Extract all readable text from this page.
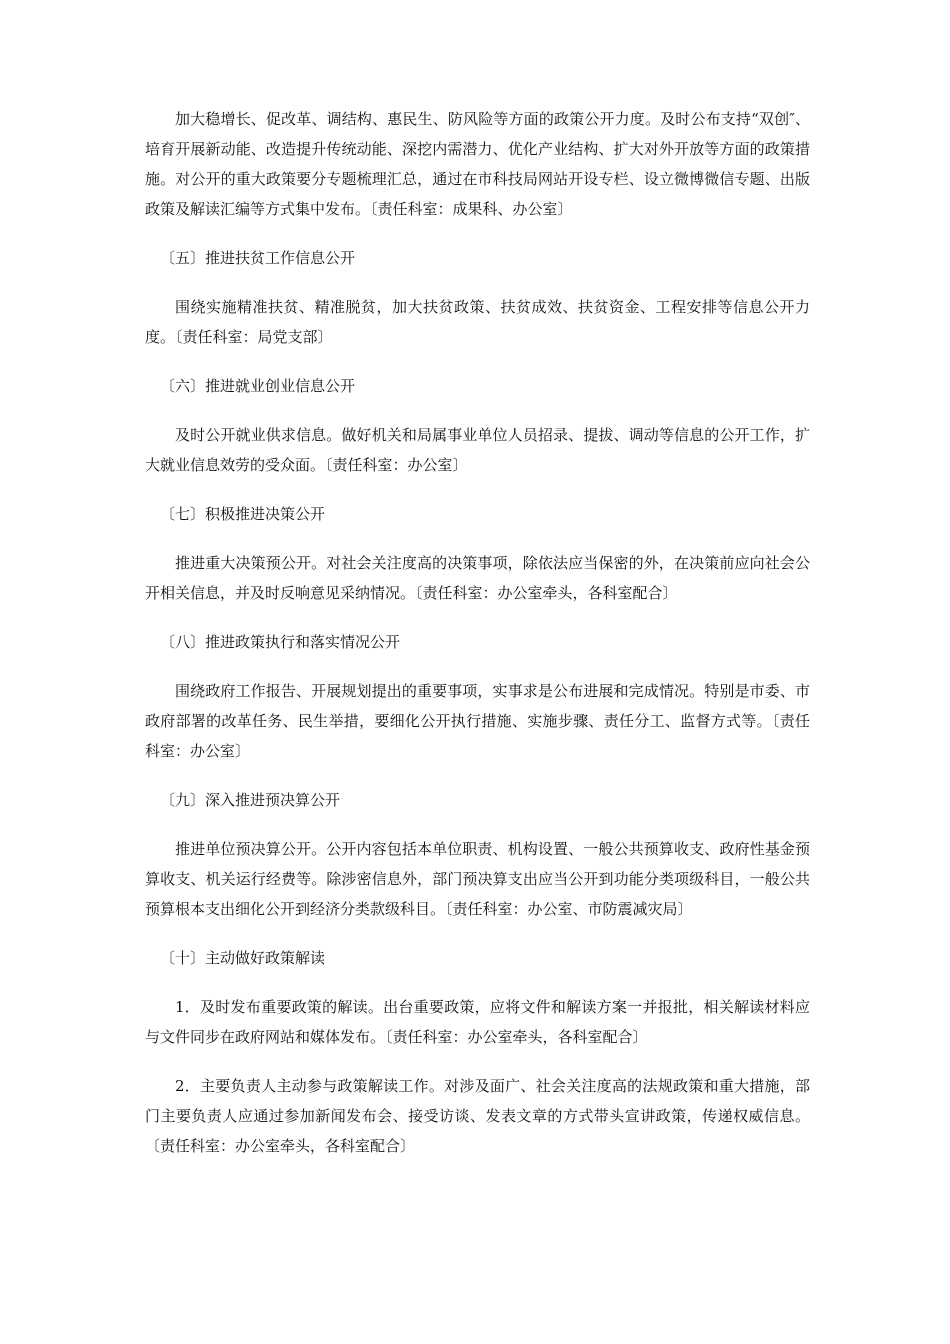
加大稳增长、促改革、调结构、惠民生、防风险等方面的政策公开力度。及时公布支持“双创″、培育开展新动能、改造提升传统动能、深挖内需潜力、优化产业结构、扩大对外开放等方面的政策措施。对公开的重大政策要分专题梳理汇总，通过在市科技局网站开设专栏、设立微博微信专题、出版政策及解读汇编等方式集中发布。〔责任科室：成果科、办公室〕

〔五〕推进扶贫工作信息公开

围绕实施精准扶贫、精准脱贫，加大扶贫政策、扶贫成效、扶贫资金、工程安排等信息公开力度。〔责任科室：局党支部〕

〔六〕推进就业创业信息公开

及时公开就业供求信息。做好机关和局属事业单位人员招录、提拔、调动等信息的公开工作，扩大就业信息效劳的受众面。〔责任科室：办公室〕

〔七〕积极推进决策公开

推进重大决策预公开。对社会关注度高的决策事项，除依法应当保密的外，在决策前应向社会公开相关信息，并及时反响意见采纳情况。〔责任科室：办公室牵头，各科室配合〕

〔八〕推进政策执行和落实情况公开

围绕政府工作报告、开展规划提出的重要事项，实事求是公布进展和完成情况。特别是市委、市政府部署的改革任务、民生举措，要细化公开执行措施、实施步骤、责任分工、监督方式等。〔责任科室：办公室〕

〔九〕深入推进预决算公开

推进单位预决算公开。公开内容包括本单位职责、机构设置、一般公共预算收支、政府性基金预算收支、机关运行经费等。除涉密信息外，部门预决算支出应当公开到功能分类项级科目，一般公共预算根本支出细化公开到经济分类款级科目。〔责任科室：办公室、市防震减灾局〕

〔十〕主动做好政策解读

1．及时发布重要政策的解读。出台重要政策，应将文件和解读方案一并报批，相关解读材料应与文件同步在政府网站和媒体发布。〔责任科室：办公室牵头，各科室配合〕

2．主要负责人主动参与政策解读工作。对涉及面广、社会关注度高的法规政策和重大措施，部门主要负责人应通过参加新闻发布会、接受访谈、发表文章的方式带头宣讲政策，传递权威信息。〔责任科室：办公室牵头，各科室配合〕
